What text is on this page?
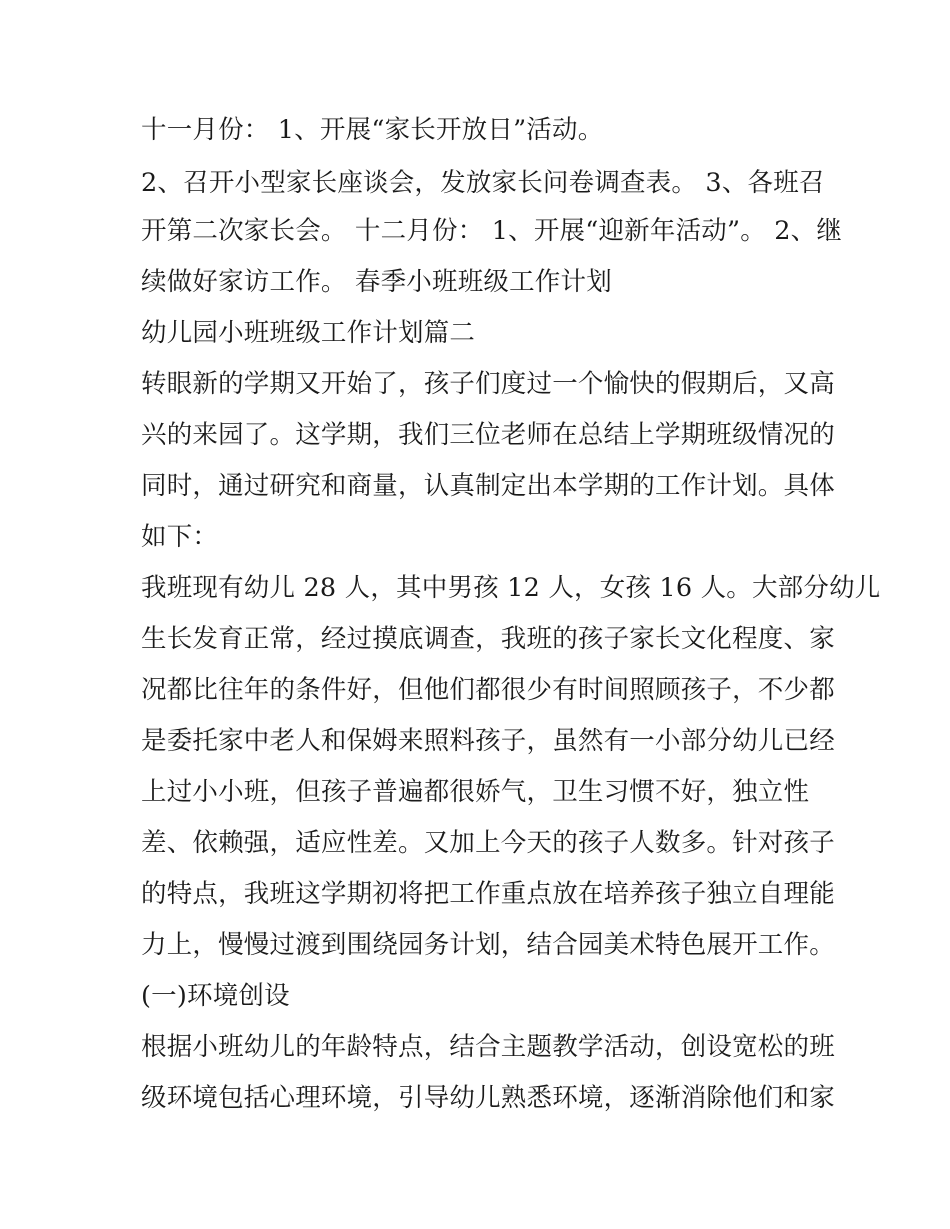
十一月份： 1、开展“家长开放日”活动。
2、召开小型家长座谈会，发放家长问卷调查表。 3、各班召
开第二次家长会。 十二月份： 1、开展“迎新年活动”。 2、继
续做好家访工作。 春季小班班级工作计划
幼儿园小班班级工作计划篇二
转眼新的学期又开始了，孩子们度过一个愉快的假期后，又高
兴的来园了。这学期，我们三位老师在总结上学期班级情况的
同时，通过研究和商量，认真制定出本学期的工作计划。具体
如下：
我班现有幼儿 28 人，其中男孩 12 人，女孩 16 人。大部分幼儿
生长发育正常，经过摸底调查，我班的孩子家长文化程度、家
况都比往年的条件好，但他们都很少有时间照顾孩子，不少都
是委托家中老人和保姆来照料孩子，虽然有一小部分幼儿已经
上过小小班，但孩子普遍都很娇气，卫生习惯不好，独立性
差、依赖强，适应性差。又加上今天的孩子人数多。针对孩子
的特点，我班这学期初将把工作重点放在培养孩子独立自理能
力上，慢慢过渡到围绕园务计划，结合园美术特色展开工作。
(一)环境创设
根据小班幼儿的年龄特点，结合主题教学活动，创设宽松的班
级环境包括心理环境，引导幼儿熟悉环境，逐渐消除他们和家
